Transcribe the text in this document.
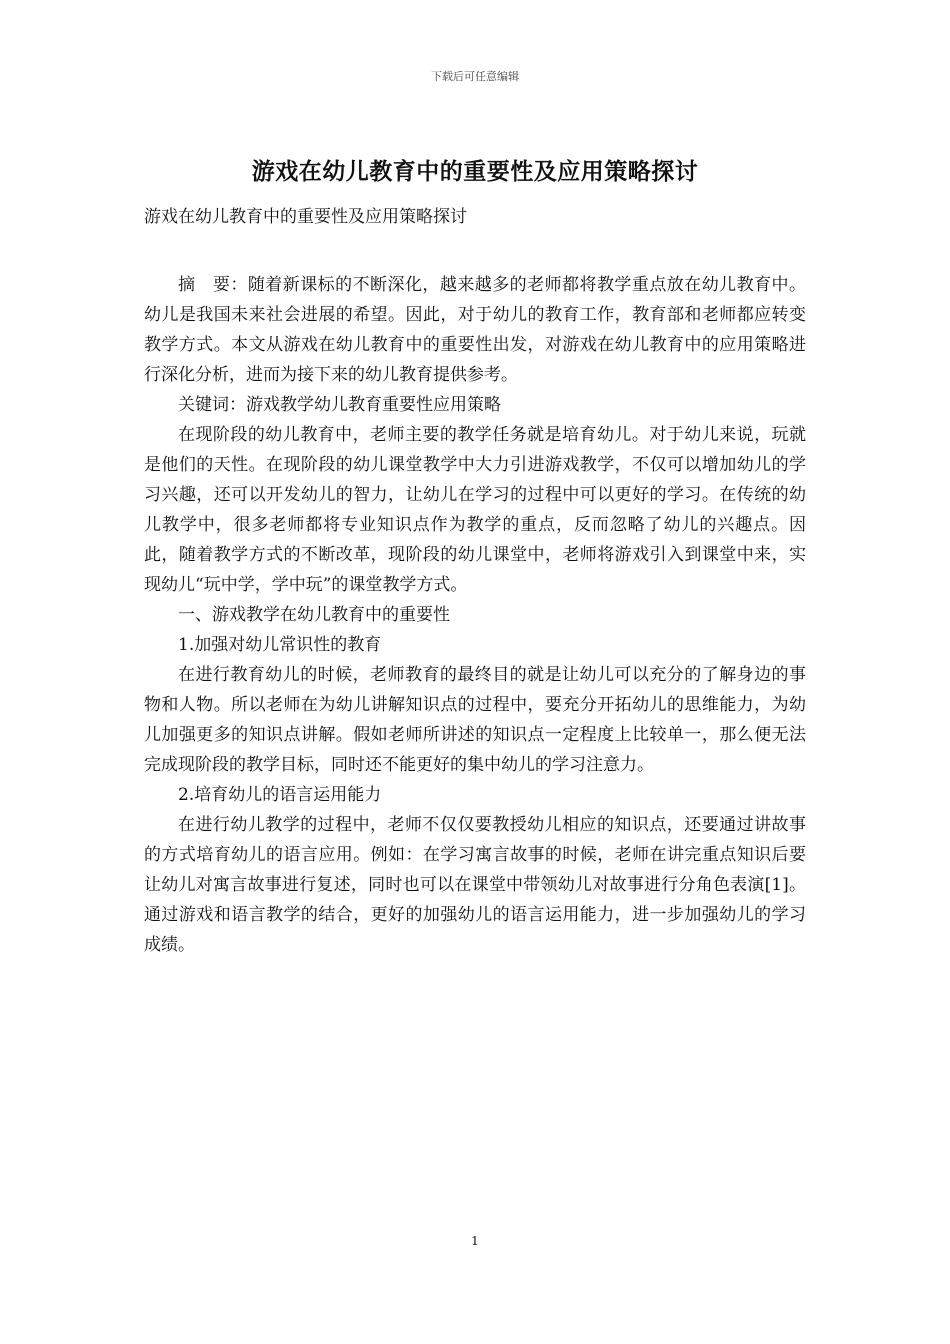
下载后可任意编辑
游戏在幼儿教育中的重要性及应用策略探讨
游戏在幼儿教育中的重要性及应用策略探讨

摘　要：随着新课标的不断深化，越来越多的老师都将教学重点放在幼儿教育中。幼儿是我国未来社会进展的希望。因此，对于幼儿的教育工作，教育部和老师都应转变教学方式。本文从游戏在幼儿教育中的重要性出发，对游戏在幼儿教育中的应用策略进行深化分析，进而为接下来的幼儿教育提供参考。

关键词：游戏教学幼儿教育重要性应用策略

在现阶段的幼儿教育中，老师主要的教学任务就是培育幼儿。对于幼儿来说，玩就是他们的天性。在现阶段的幼儿课堂教学中大力引进游戏教学，不仅可以增加幼儿的学习兴趣，还可以开发幼儿的智力，让幼儿在学习的过程中可以更好的学习。在传统的幼儿教学中，很多老师都将专业知识点作为教学的重点，反而忽略了幼儿的兴趣点。因此，随着教学方式的不断改革，现阶段的幼儿课堂中，老师将游戏引入到课堂中来，实现幼儿“玩中学，学中玩”的课堂教学方式。

一、游戏教学在幼儿教育中的重要性

1.加强对幼儿常识性的教育

在进行教育幼儿的时候，老师教育的最终目的就是让幼儿可以充分的了解身边的事物和人物。所以老师在为幼儿讲解知识点的过程中，要充分开拓幼儿的思维能力，为幼儿加强更多的知识点讲解。假如老师所讲述的知识点一定程度上比较单一，那么便无法完成现阶段的教学目标，同时还不能更好的集中幼儿的学习注意力。

2.培育幼儿的语言运用能力

在进行幼儿教学的过程中，老师不仅仅要教授幼儿相应的知识点，还要通过讲故事的方式培育幼儿的语言应用。例如：在学习寓言故事的时候，老师在讲完重点知识后要让幼儿对寓言故事进行复述，同时也可以在课堂中带领幼儿对故事进行分角色表演[1]。通过游戏和语言教学的结合，更好的加强幼儿的语言运用能力，进一步加强幼儿的学习成绩。

1
